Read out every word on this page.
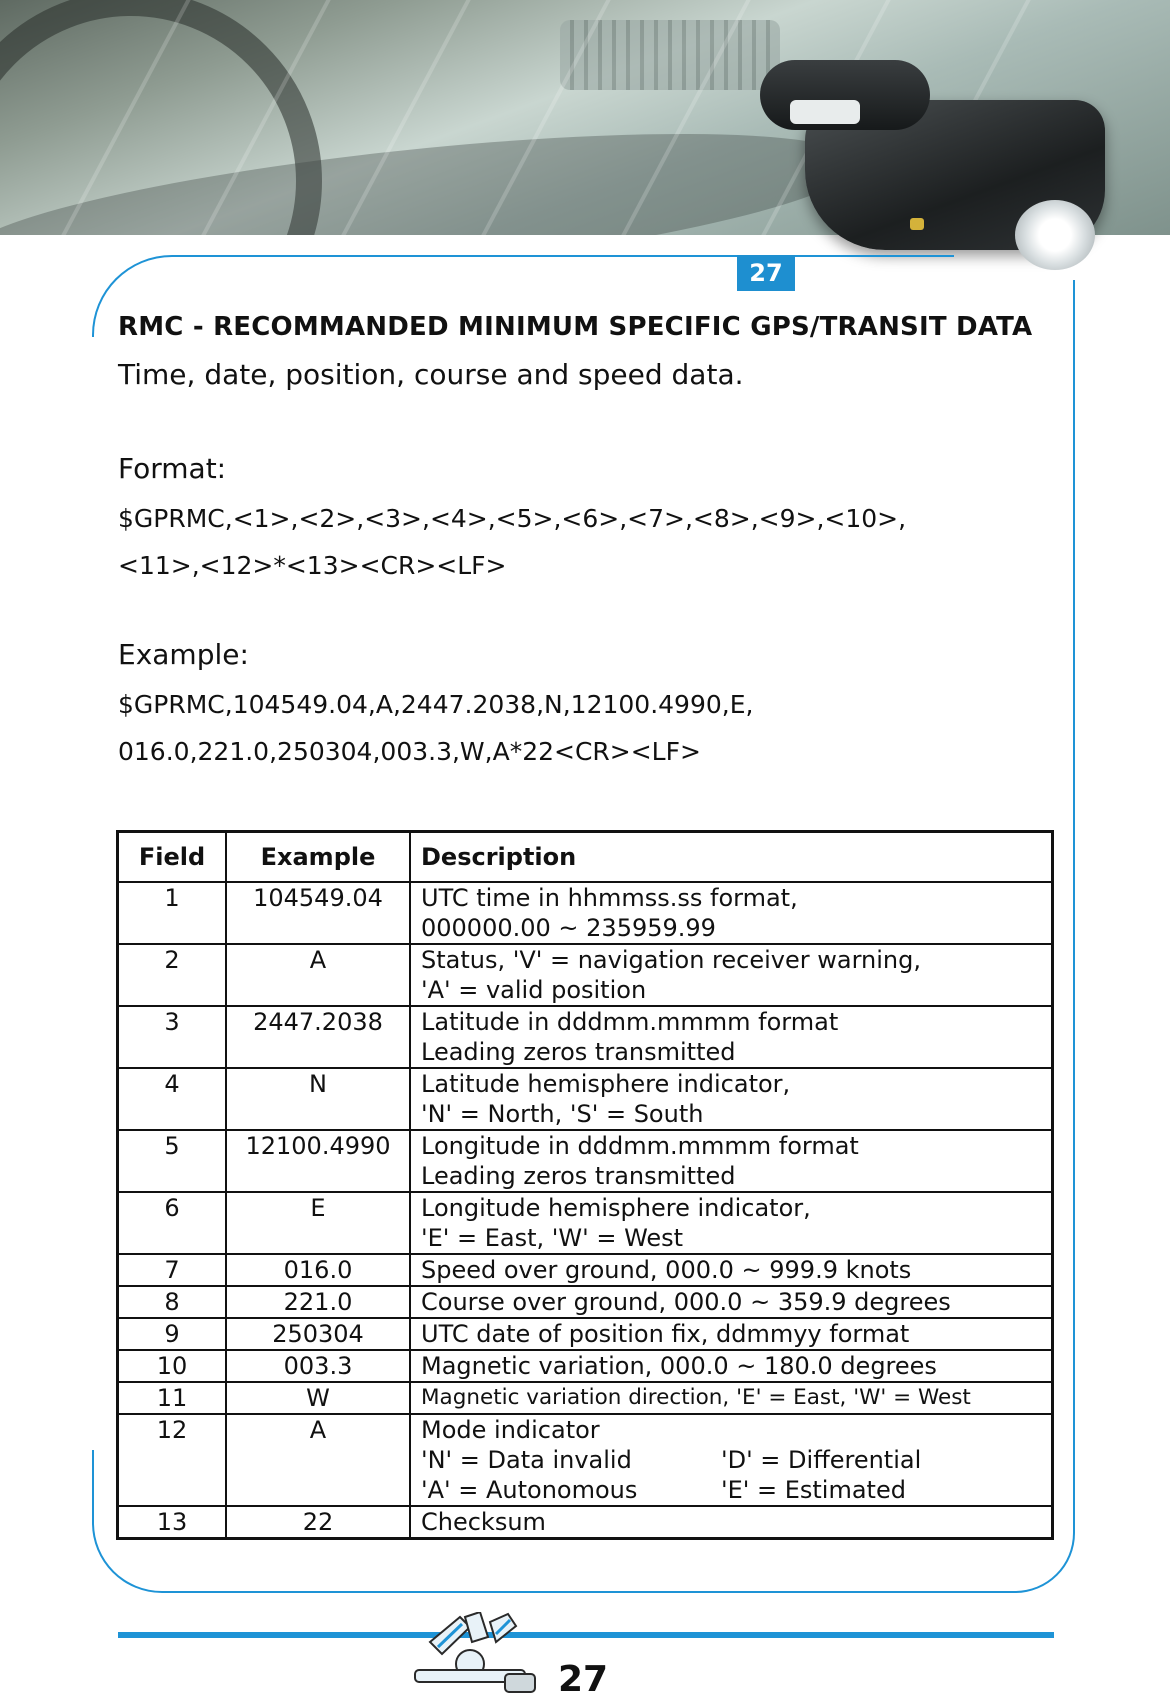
27
RMC - RECOMMANDED MINIMUM SPECIFIC GPS/TRANSIT DATA
Time, date, position, course and speed data.
Format:
$GPRMC,<1>,<2>,<3>,<4>,<5>,<6>,<7>,<8>,<9>,<10>,
<11>,<12>*<13><CR><LF>
Example:
$GPRMC,104549.04,A,2447.2038,N,12100.4990,E,
016.0,221.0,250304,003.3,W,A*22<CR><LF>
Field	Example	Description
1	104549.04	UTC time in hhmmss.ss format,
000000.00 ~ 235959.99

2	A	Status, 'V' = navigation receiver warning,
'A' = valid position

3	2447.2038	Latitude in dddmm.mmmm format
Leading zeros transmitted

4	N	Latitude hemisphere indicator,
'N' = North, 'S' = South

5	12100.4990	Longitude in dddmm.mmmm format
Leading zeros transmitted

6	E	Longitude hemisphere indicator,
'E' = East, 'W' = West

7	016.0	Speed over ground, 000.0 ~ 999.9 knots

8	221.0	Course over ground, 000.0 ~ 359.9 degrees

9	250304	UTC date of position fix, ddmmyy format

10	003.3	Magnetic variation, 000.0 ~ 180.0 degrees

11	W	Magnetic variation direction, 'E' = East, 'W' = West

12	A	Mode indicator
'N' = Data invalid 'D' = Differential
'A' = Autonomous 'E' = Estimated

13	22	Checksum
27
